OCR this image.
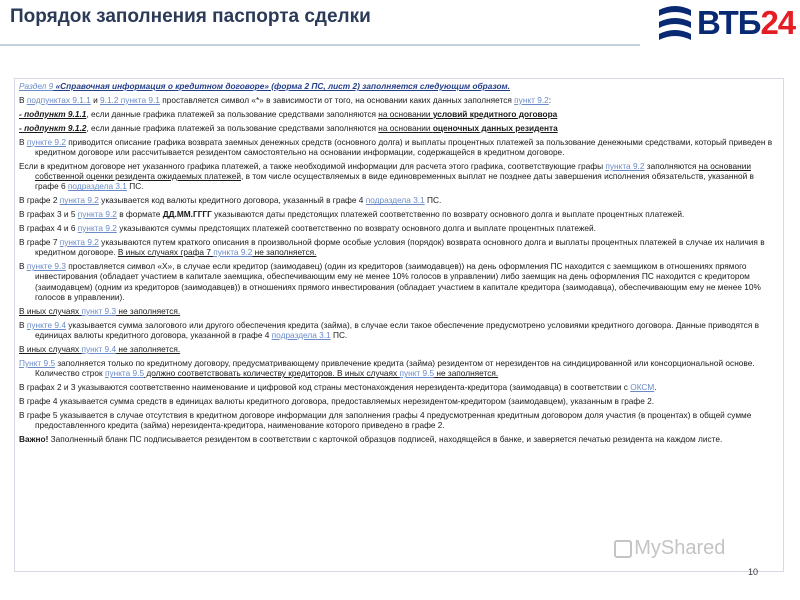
Порядок заполнения паспорта сделки	ВТБ24
Раздел 9 «Справочная информация о кредитном договоре» (форма 2 ПС, лист 2) заполняется следующим образом.
В подпунктах 9.1.1 и 9.1.2 пункта 9.1 проставляется символ «*» в зависимости от того, на основании каких данных заполняется пункт 9.2:
- подпункт 9.1.1, если данные графика платежей за пользование средствами заполняются на основании условий кредитного договора
- подпункт 9.1.2, если данные графика платежей за пользование средствами заполняются на основании оценочных данных резидента
В пункте 9.2 приводится описание графика возврата заемных денежных средств (основного долга) и выплаты процентных платежей за пользование денежными средствами, который приведен в кредитном договоре или рассчитывается резидентом самостоятельно на основании информации, содержащейся в кредитном договоре.
Если в кредитном договоре нет указанного графика платежей, а также необходимой информации для расчета этого графика, соответствующие графы пункта 9.2 заполняются на основании собственной оценки резидента ожидаемых платежей, в том числе осуществляемых в виде единовременных выплат не позднее даты завершения исполнения обязательств, указанной в графе 6 подраздела 3.1 ПС.
В графе 2 пункта 9.2 указывается код валюты кредитного договора, указанный в графе 4 подраздела 3.1 ПС.
В графах 3 и 5 пункта 9.2 в формате ДД.ММ.ГГГГ указываются даты предстоящих платежей соответственно по возврату основного долга и выплате процентных платежей.
В графах 4 и 6 пункта 9.2 указываются суммы предстоящих платежей соответственно по возврату основного долга и выплате процентных платежей.
В графе 7 пункта 9.2 указываются путем краткого описания в произвольной форме особые условия (порядок) возврата основного долга и выплаты процентных платежей в случае их наличия в кредитном договоре. В иных случаях графа 7 пункта 9.2 не заполняется.
В пункте 9.3 проставляется символ «Х», в случае если кредитор (заимодавец) (один из кредиторов (заимодавцев)) на день оформления ПС находится с заемщиком в отношениях прямого инвестирования (обладает участием в капитале заемщика, обеспечивающим ему не менее 10% голосов в управлении) либо заемщик на день оформления ПС находится с кредитором (заимодавцем) (одним из кредиторов (заимодавцев)) в отношениях прямого инвестирования (обладает участием в капитале кредитора (заимодавца), обеспечивающим ему не менее 10% голосов в управлении).
В иных случаях пункт 9.3 не заполняется.
В пункте 9.4 указывается сумма залогового или другого обеспечения кредита (займа), в случае если такое обеспечение предусмотрено условиями кредитного договора. Данные приводятся в единицах валюты кредитного договора, указанной в графе 4 подраздела 3.1 ПС.
В иных случаях пункт 9.4 не заполняется.
Пункт 9.5 заполняется только по кредитному договору, предусматривающему привлечение кредита (займа) резидентом от нерезидентов на синдицированной или консорциональной основе. Количество строк пункта 9.5 должно соответствовать количеству кредиторов. В иных случаях пункт 9.5 не заполняется.
В графах 2 и 3 указываются соответственно наименование и цифровой код страны местонахождения нерезидента-кредитора (заимодавца) в соответствии с ОКСМ.
В графе 4 указывается сумма средств в единицах валюты кредитного договора, предоставляемых нерезидентом-кредитором (заимодавцем), указанным в графе 2.
В графе 5 указывается в случае отсутствия в кредитном договоре информации для заполнения графы 4 предусмотренная кредитным договором доля участия (в процентах) в общей сумме предоставленного кредита (займа) нерезидента-кредитора, наименование которого приведено в графе 2.
Важно! Заполненный бланк ПС подписывается резидентом в соответствии с карточкой образцов подписей, находящейся в банке, и заверяется печатью резидента на каждом листе.
MyShared
10
